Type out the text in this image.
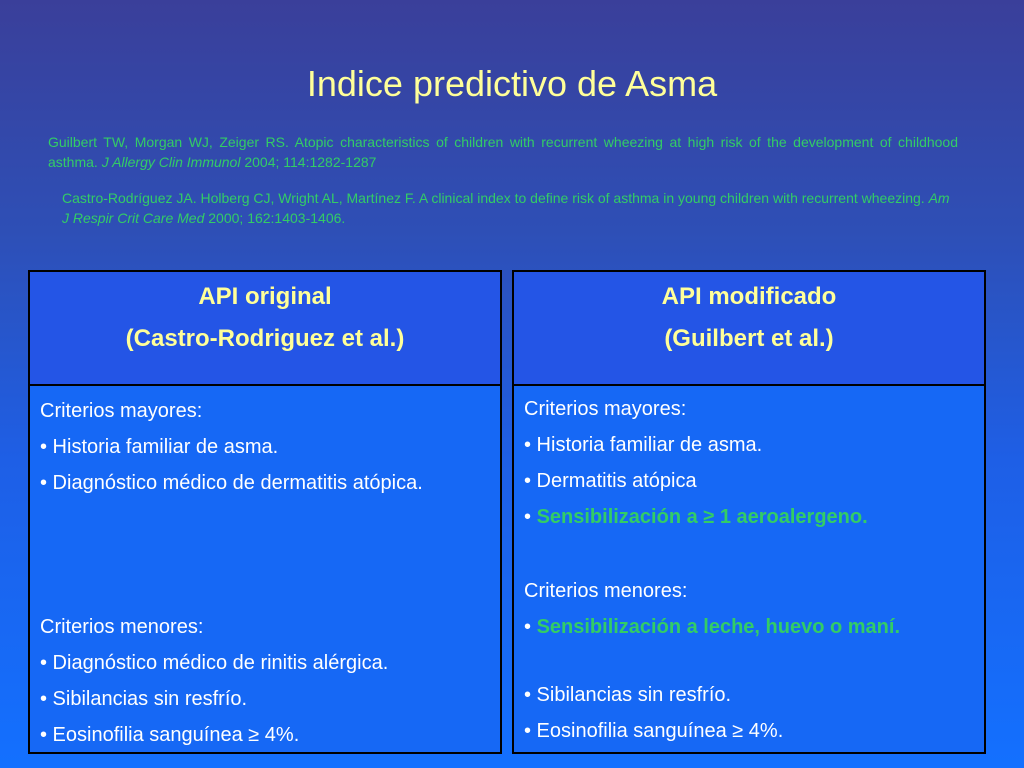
Indice predictivo de Asma
Guilbert TW, Morgan WJ, Zeiger RS. Atopic characteristics of children with recurrent wheezing at high risk of the development of childhood asthma. J Allergy Clin Immunol 2004; 114:1282-1287
Castro-Rodríguez JA. Holberg CJ, Wright AL, Martínez F. A clinical index to define risk of asthma in young children with recurrent wheezing. Am J Respir Crit Care Med 2000; 162:1403-1406.
API original
(Castro-Rodriguez et al.)
Criterios mayores:
• Historia familiar de asma.
• Diagnóstico médico de dermatitis atópica.
Criterios menores:
• Diagnóstico médico de rinitis alérgica.
• Sibilancias sin resfrío.
• Eosinofilia sanguínea ≥ 4%.
API modificado
(Guilbert et al.)
Criterios mayores:
• Historia familiar de asma.
• Dermatitis atópica
• Sensibilización a ≥ 1 aeroalergeno.
Criterios menores:
• Sensibilización a leche, huevo o maní.
• Sibilancias sin resfrío.
• Eosinofilia sanguínea ≥ 4%.
